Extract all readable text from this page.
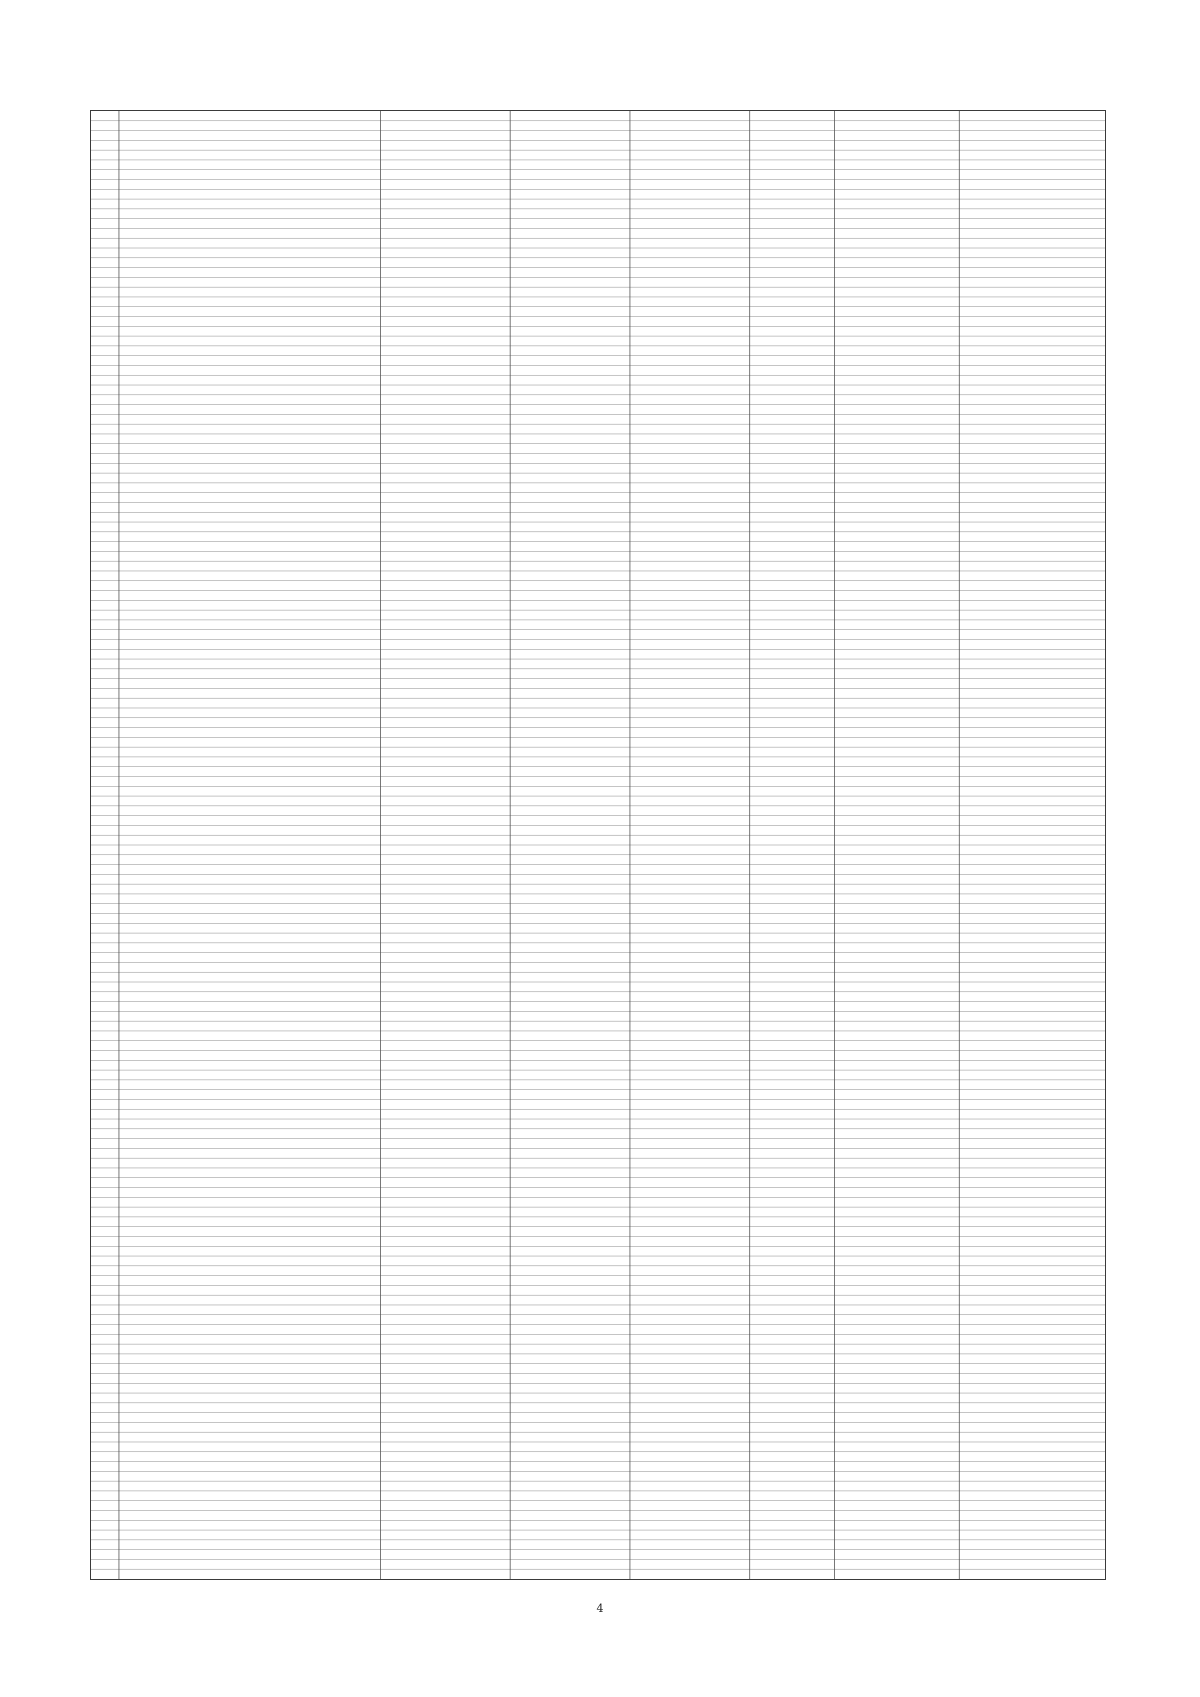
4
